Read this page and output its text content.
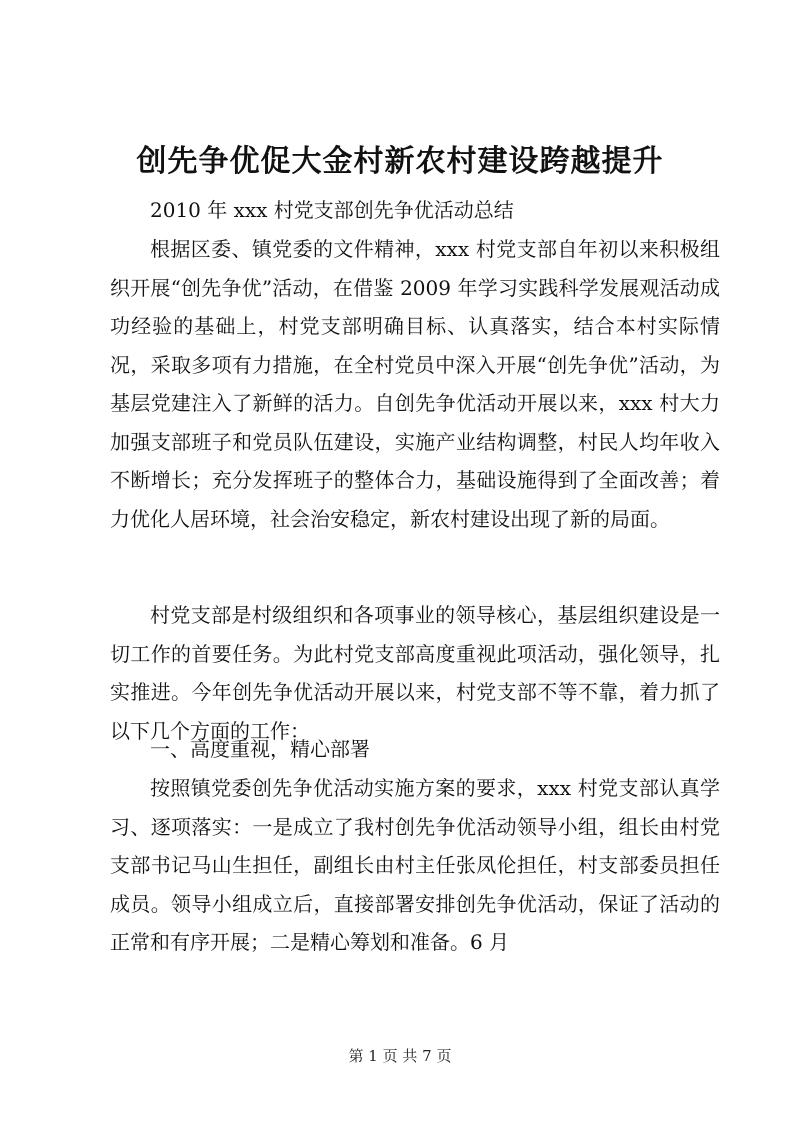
创先争优促大金村新农村建设跨越提升

2010 年 xxx 村党支部创先争优活动总结

根据区委、镇党委的文件精神，xxx 村党支部自年初以来积极组织开展“创先争优”活动，在借鉴 2009 年学习实践科学发展观活动成功经验的基础上，村党支部明确目标、认真落实，结合本村实际情况，采取多项有力措施，在全村党员中深入开展“创先争优”活动，为基层党建注入了新鲜的活力。自创先争优活动开展以来，xxx 村大力加强支部班子和党员队伍建设，实施产业结构调整，村民人均年收入不断增长；充分发挥班子的整体合力，基础设施得到了全面改善；着力优化人居环境，社会治安稳定，新农村建设出现了新的局面。

村党支部是村级组织和各项事业的领导核心，基层组织建设是一切工作的首要任务。为此村党支部高度重视此项活动，强化领导，扎实推进。今年创先争优活动开展以来，村党支部不等不靠，着力抓了以下几个方面的工作：

一、高度重视，精心部署

按照镇党委创先争优活动实施方案的要求，xxx 村党支部认真学习、逐项落实：一是成立了我村创先争优活动领导小组，组长由村党支部书记马山生担任，副组长由村主任张凤伦担任，村支部委员担任成员。领导小组成立后，直接部署安排创先争优活动，保证了活动的正常和有序开展；二是精心筹划和准备。6 月

第 1 页 共 7 页
